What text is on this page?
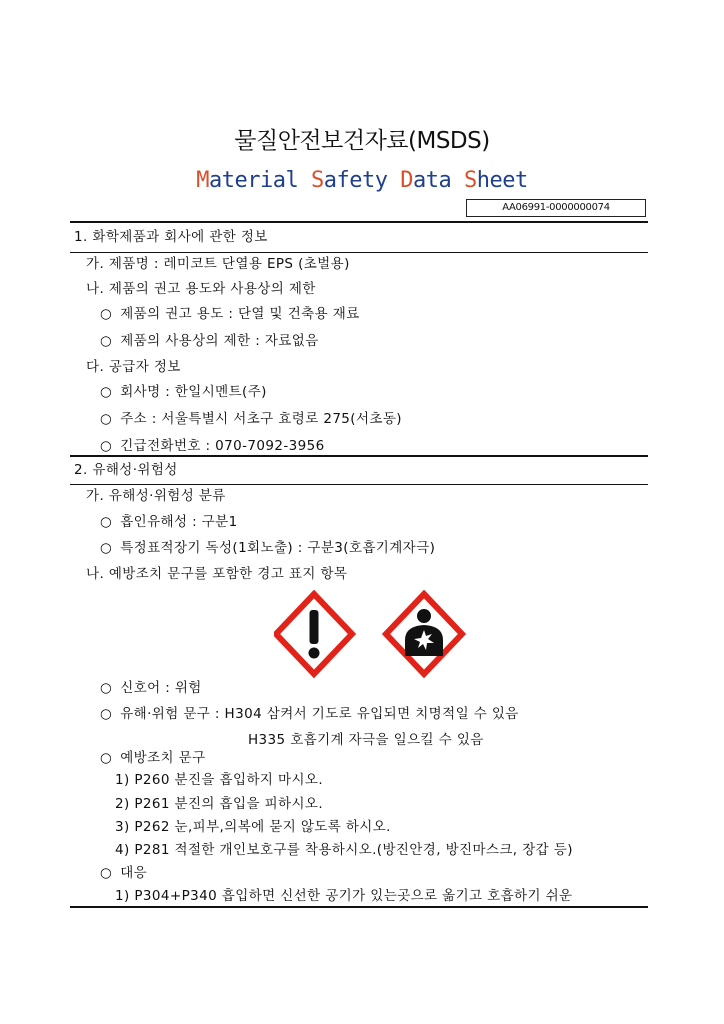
물질안전보건자료(MSDS)
Material Safety Data Sheet
AA06991-0000000074
1. 화학제품과 회사에 관한 정보
가. 제품명 : 레미코트 단열용 EPS (초벌용)
나. 제품의 권고 용도와 사용상의 제한
○ 제품의 권고 용도 : 단열 및 건축용 재료
○ 제품의 사용상의 제한 : 자료없음
다. 공급자 정보
○ 회사명 : 한일시멘트(주)
○ 주소 : 서울특별시 서초구 효령로 275(서초동)
○ 긴급전화번호 : 070-7092-3956
2. 유해성·위험성
가. 유해성·위험성 분류
○ 흡인유해성 : 구분1
○ 특정표적장기 독성(1회노출) : 구분3(호흡기계자극)
나. 예방조치 문구를 포함한 경고 표지 항목
○ 신호어 : 위험
○ 유해·위험 문구 : H304 삼켜서 기도로 유입되면 치명적일 수 있음
H335 호흡기계 자극을 일으킬 수 있음
○ 예방조치 문구
1) P260 분진을 흡입하지 마시오.
2) P261 분진의 흡입을 피하시오.
3) P262 눈,피부,의복에 묻지 않도록 하시오.
4) P281 적절한 개인보호구를 착용하시오.(방진안경, 방진마스크, 장갑 등)
○ 대응
1) P304+P340 흡입하면 신선한 공기가 있는곳으로 옮기고 호흡하기 쉬운
